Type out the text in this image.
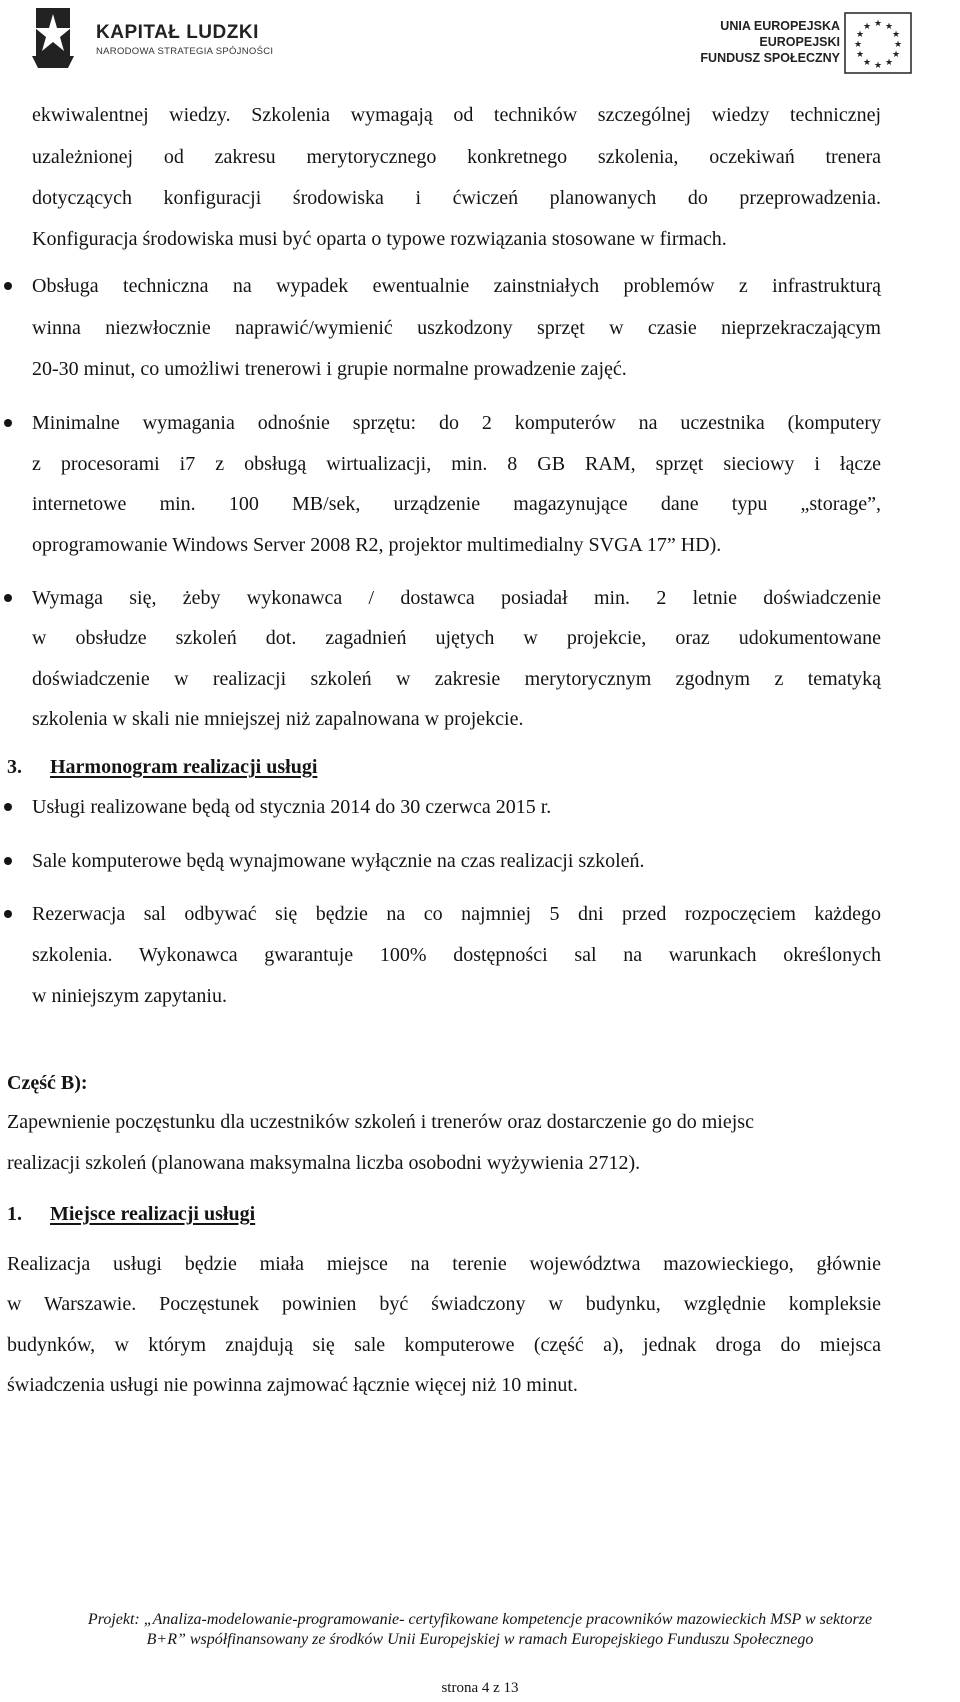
KAPITAŁ LUDZKI
NARODOWA STRATEGIA SPÓJNOŚCI
UNIA EUROPEJSKA
EUROPEJSKI
FUNDUSZ SPOŁECZNY
★ ★
★
★
★
★
★
★
★
★
★
★
ekwiwalentnej wiedzy. Szkolenia wymagają od techników szczególnej wiedzy technicznej
uzależnionej od zakresu merytorycznego konkretnego szkolenia, oczekiwań trenera
dotyczących konfiguracji środowiska i ćwiczeń planowanych do przeprowadzenia.
Konfiguracja środowiska musi być oparta o typowe rozwiązania stosowane w firmach.
Obsługa techniczna na wypadek ewentualnie zainstniałych problemów z infrastrukturą
winna niezwłocznie naprawić/wymienić uszkodzony sprzęt w czasie nieprzekraczającym
20-30 minut, co umożliwi trenerowi i grupie normalne prowadzenie zajęć.
Minimalne wymagania odnośnie sprzętu: do 2 komputerów na uczestnika (komputery
z procesorami i7 z obsługą wirtualizacji, min. 8 GB RAM, sprzęt sieciowy i łącze
internetowe min. 100 MB/sek, urządzenie magazynujące dane typu „storage”,
oprogramowanie Windows Server 2008 R2, projektor multimedialny SVGA 17” HD).
Wymaga się, żeby wykonawca / dostawca posiadał min. 2 letnie doświadczenie
w obsłudze szkoleń dot. zagadnień ujętych w projekcie, oraz udokumentowane
doświadczenie w realizacji szkoleń w zakresie merytorycznym zgodnym z tematyką
szkolenia w skali nie mniejszej niż zapalnowana w projekcie.
3. Harmonogram realizacji usługi
Usługi realizowane będą od stycznia 2014 do 30 czerwca 2015 r.
Sale komputerowe będą wynajmowane wyłącznie na czas realizacji szkoleń.
Rezerwacja sal odbywać się będzie na co najmniej 5 dni przed rozpoczęciem każdego
szkolenia. Wykonawca gwarantuje 100% dostępności sal na warunkach określonych
w niniejszym zapytaniu.
Część B):
Zapewnienie poczęstunku dla uczestników szkoleń i trenerów oraz dostarczenie go do miejsc
realizacji szkoleń (planowana maksymalna liczba osobodni wyżywienia 2712).
1. Miejsce realizacji usługi
Realizacja usługi będzie miała miejsce na terenie województwa mazowieckiego, głównie
w Warszawie. Poczęstunek powinien być świadczony w budynku, względnie kompleksie
budynków, w którym znajdują się sale komputerowe (część a), jednak droga do miejsca
świadczenia usługi nie powinna zajmować łącznie więcej niż 10 minut.
Projekt: „Analiza-modelowanie-programowanie- certyfikowane kompetencje pracowników mazowieckich MSP w sektorze
B+R” współfinansowany ze środków Unii Europejskiej w ramach Europejskiego Funduszu Społecznego
strona 4 z 13
